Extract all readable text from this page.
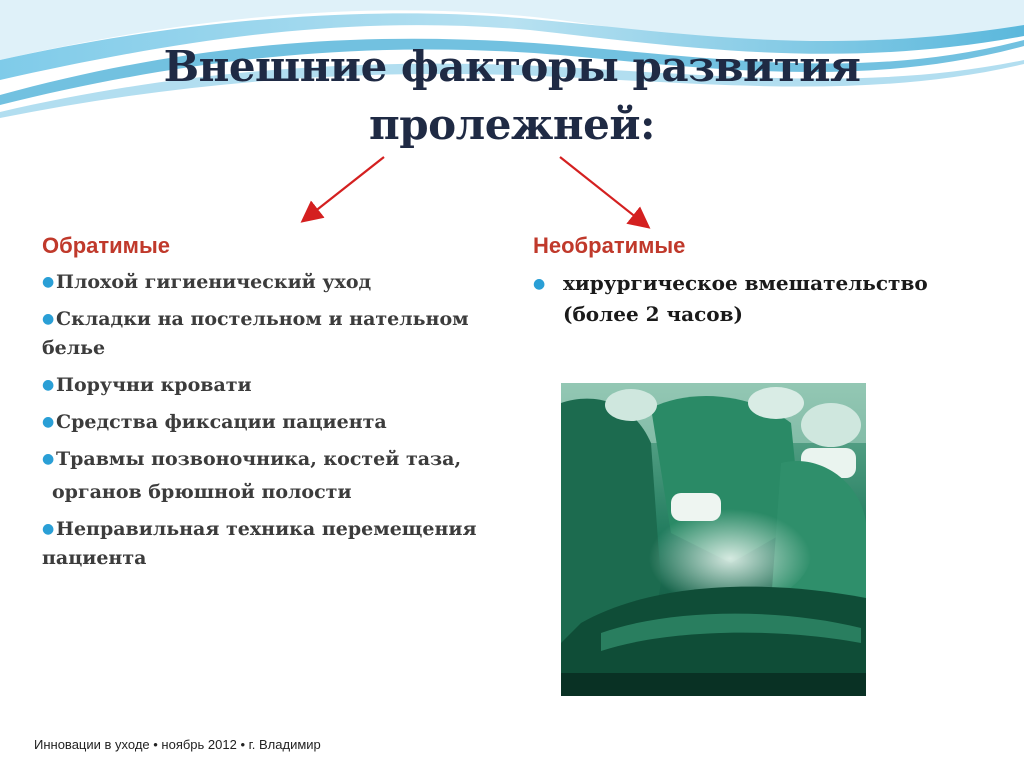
Внешние факторы развития
пролежней:
Обратимые
●Плохой гигиенический уход
●Складки на постельном и нательном белье
●Поручни кровати
●Средства фиксации пациента
●Травмы позвоночника, костей таза,
органов брюшной полости
●Неправильная техника перемещения пациента
Необратимые
● хирургическое вмешательство (более 2 часов)
Инновации в уходе • ноябрь 2012 • г. Владимир
